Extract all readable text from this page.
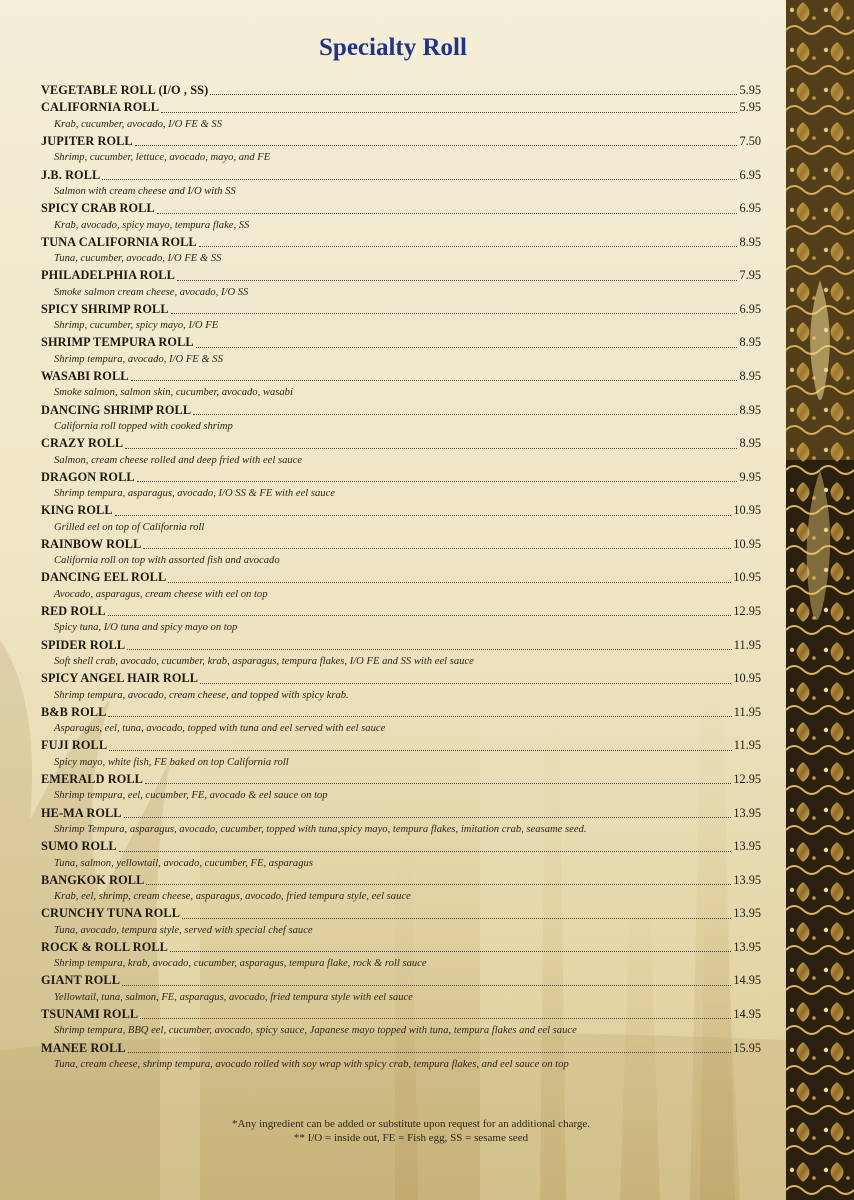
Specialty Roll
VEGETABLE ROLL (I/O , SS)	5.95
CALIFORNIA ROLL	5.95
Krab, cucumber, avocado, I/O FE & SS
JUPITER ROLL	7.50
Shrimp, cucumber, lettuce, avocado, mayo, and FE
J.B. ROLL	6.95
Salmon with cream cheese and I/O with SS
SPICY CRAB ROLL	6.95
Krab, avocado, spicy mayo, tempura flake, SS
TUNA CALIFORNIA ROLL	8.95
Tuna, cucumber, avocado, I/O FE & SS
PHILADELPHIA ROLL	7.95
Smoke salmon cream cheese, avocado, I/O SS
SPICY SHRIMP ROLL	6.95
Shrimp, cucumber, spicy mayo, I/O FE
SHRIMP TEMPURA ROLL	8.95
Shrimp tempura, avocado, I/O FE & SS
WASABI ROLL	8.95
Smoke salmon, salmon skin, cucumber, avocado, wasabi
DANCING SHRIMP ROLL	8.95
California roll topped with cooked shrimp
CRAZY ROLL	8.95
Salmon, cream cheese rolled and deep fried with eel sauce
DRAGON ROLL	9.95
Shrimp tempura, asparagus, avocado, I/O SS & FE with eel sauce
KING ROLL	10.95
Grilled eel on top of California roll
RAINBOW ROLL	10.95
California roll on top with assorted fish and avocado
DANCING EEL ROLL	10.95
Avocado, asparagus, cream cheese with eel on top
RED ROLL	12.95
Spicy tuna, I/O tuna and spicy mayo on top
SPIDER ROLL	11.95
Soft shell crab, avocado, cucumber, krab, asparagus, tempura flakes, I/O FE and SS with eel sauce
SPICY ANGEL HAIR ROLL	10.95
Shrimp tempura, avocado, cream cheese, and topped with spicy krab.
B&B ROLL	11.95
Asparagus, eel, tuna, avocado, topped with tuna and eel served with eel sauce
FUJI ROLL	11.95
Spicy mayo, white fish, FE baked on top California roll
EMERALD ROLL	12.95
Shrimp tempura, eel, cucumber, FE, avocado & eel sauce on top
HE-MA ROLL	13.95
Shrimp Tempura, asparagus, avocado, cucumber, topped with tuna,spicy mayo, tempura flakes, imitation crab, seasame seed.
SUMO ROLL	13.95
Tuna, salmon, yellowtail, avocado, cucumber, FE, asparagus
BANGKOK ROLL	13.95
Krab, eel, shrimp, cream cheese, asparagus, avocado, fried tempura style, eel sauce
CRUNCHY TUNA ROLL	13.95
Tuna, avocado, tempura style, served with special chef sauce
ROCK & ROLL ROLL	13.95
Shrimp tempura, krab, avocado, cucumber, asparagus, tempura flake, rock & roll sauce
GIANT ROLL	14.95
Yellowtail, tuna, salmon, FE, asparagus, avocado, fried tempura style with eel sauce
TSUNAMI ROLL	14.95
Shrimp tempura, BBQ eel, cucumber, avocado, spicy sauce, Japanese mayo topped with tuna, tempura flakes and eel sauce
MANEE ROLL	15.95
Tuna, cream cheese, shrimp tempura, avocado rolled with soy wrap with spicy crab, tempura flakes, and eel sauce on top

*Any ingredient can be added or substitute upon request for an additional charge.

** I/O = inside out, FE = Fish egg, SS = sesame seed
